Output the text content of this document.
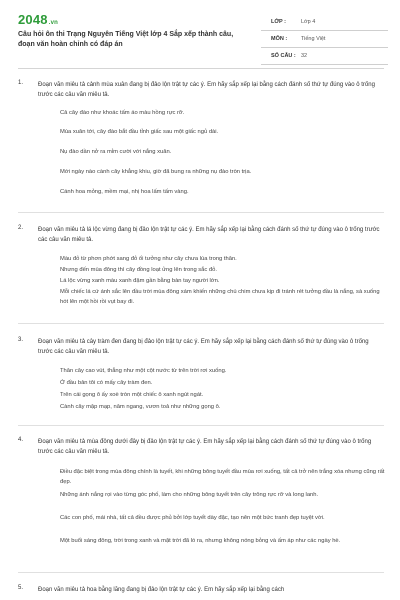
2048.vn
Câu hỏi ôn thi Trạng Nguyên Tiếng Việt lớp 4 Sắp xếp thành câu, đoạn văn hoàn chỉnh có đáp án
LỚP :	Lớp 4
MÔN :	Tiếng Việt
SỐ CÂU : 32
1. Đoạn văn miêu tả cảnh mùa xuân đang bị đảo lộn trật tự các ý. Em hãy sắp xếp lại bằng cách đánh số thứ tự đúng vào ô trống trước các câu văn miêu tả.
Cả cây đào như khoác tấm áo màu hồng rực rỡ.
Mùa xuân tới, cây đào bắt đầu tỉnh giấc sau một giấc ngủ dài.
Nụ đào dần nở ra mỉm cười với nắng xuân.
Mới ngày nào cành cây khẳng khiu, giờ đã bung ra những nụ đào tròn trịa.
Cánh hoa mỏng, mềm mại, nhị hoa lấm tấm vàng.
2. Đoạn văn miêu tả lá lộc vừng đang bị đảo lộn trật tự các ý. Em hãy sắp xếp lại bằng cách đánh số thứ tự đúng vào ô trống trước các câu văn miêu tả.
Màu đỏ từ phơn phớt sang đỏ ối tưởng như cây chưa lúa trong thân.
Nhưng đến mùa đông thì cây đồng loạt ửng lên trong sắc đỏ.
Lá lộc vừng xanh màu xanh đậm gần bằng bàn tay người lớn.
Mỗi chiếc lá cứ ánh sắc lên đầu trời mùa đông xám khiến những chú chim chưa kịp đi tránh rét tưởng đầu là nắng, sà xuống hót lên một hồi rồi vụt bay đi.
3. Đoạn văn miêu tả cây tràm đen đang bị đảo lộn trật tự các ý. Em hãy sắp xếp lại bằng cách đánh số thứ tự đúng vào ô trống trước các câu văn miêu tả.
Thân cây cao vút, thẳng như một cột nước từ trên trời rơi xuống.
Ở đầu bản tôi có mấy cây tràm đen.
Trên cái gọng ô ấy xoè tròn một chiếc ô xanh ngút ngát.
Cành cây mập mạp, nâm ngang, vươn toả như những gọng ô.
4. Đoạn văn miêu tả mùa đông dưới đây bị đảo lộn trật tự các ý. Em hãy sắp xếp lại bằng cách đánh số thứ tự đúng vào ô trống trước các câu văn miêu tả.
Điều đặc biệt trong mùa đông chính là tuyết, khi những bông tuyết đầu mùa rơi xuống, tất cả trở nên trắng xóa nhưng cũng rất đẹp.
Những ánh nắng rọi vào từng góc phố, làm cho những bông tuyết trên cây trông rực rỡ và long lanh.
Các con phố, mái nhà, tất cả đều được phủ bởi lớp tuyết dày đặc, tạo nên một bức tranh đẹp tuyệt vời.
Một buổi sáng đông, trời trong xanh và mặt trời đã ló ra, nhưng không nóng bỏng và ấm áp như các ngày hè.
5. Đoạn văn miêu tả hoa bằng lăng đang bị đảo lộn trật tự các ý. Em hãy sắp xếp lại bằng cách
